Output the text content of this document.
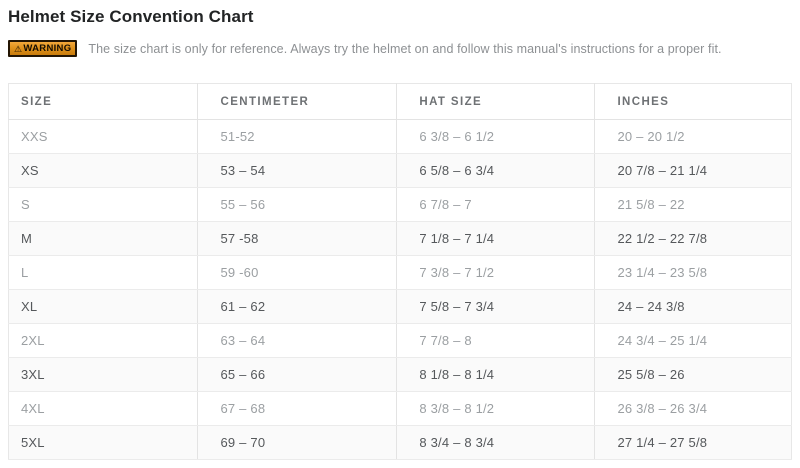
Helmet Size Convention Chart
⚠ WARNING The size chart is only for reference. Always try the helmet on and follow this manual's instructions for a proper fit.
SIZE	CENTIMETER	HAT SIZE	INCHES
XXS	51-52	6 3/8 – 6 1/2	20 – 20 1/2
XS	53 – 54	6 5/8 – 6 3/4	20 7/8 – 21 1/4
S	55 – 56	6 7/8 – 7	21 5/8 – 22
M	57 -58	7 1/8 – 7 1/4	22 1/2 – 22 7/8
L	59 -60	7 3/8 – 7 1/2	23 1/4 – 23 5/8
XL	61 – 62	7 5/8 – 7 3/4	24 – 24 3/8
2XL	63 – 64	7 7/8 – 8	24 3/4 – 25 1/4
3XL	65 – 66	8 1/8 – 8 1/4	25 5/8 – 26
4XL	67 – 68	8 3/8 – 8 1/2	26 3/8 – 26 3/4
5XL	69 – 70	8 3/4 – 8 3/4	27 1/4 – 27 5/8
